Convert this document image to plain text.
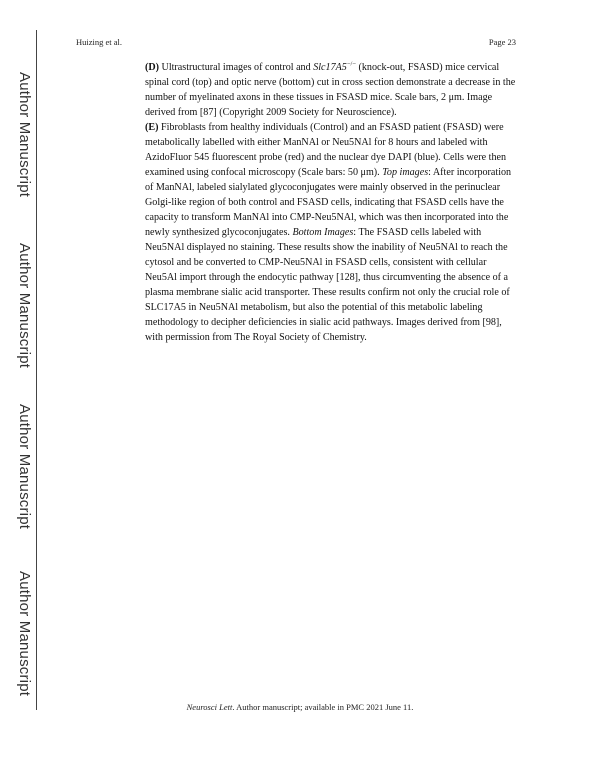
Author Manuscript
Author Manuscript
Author Manuscript
Author Manuscript
Huizing et al.	Page 23

(D) Ultrastructural images of control and Slc17A5−/− (knock-out, FSASD) mice cervical spinal cord (top) and optic nerve (bottom) cut in cross section demonstrate a decrease in the number of myelinated axons in these tissues in FSASD mice. Scale bars, 2 μm. Image derived from [87] (Copyright 2009 Society for Neuroscience).

(E) Fibroblasts from healthy individuals (Control) and an FSASD patient (FSASD) were metabolically labelled with either ManNAl or Neu5NAl for 8 hours and labeled with AzidoFluor 545 fluorescent probe (red) and the nuclear dye DAPI (blue). Cells were then examined using confocal microscopy (Scale bars: 50 μm). Top images: After incorporation of ManNAl, labeled sialylated glycoconjugates were mainly observed in the perinuclear Golgi-like region of both control and FSASD cells, indicating that FSASD cells have the capacity to transform ManNAl into CMP-Neu5NAl, which was then incorporated into the newly synthesized glycoconjugates. Bottom Images: The FSASD cells labeled with Neu5NAl displayed no staining. These results show the inability of Neu5NAl to reach the cytosol and be converted to CMP-Neu5NAl in FSASD cells, consistent with cellular Neu5Al import through the endocytic pathway [128], thus circumventing the absence of a plasma membrane sialic acid transporter. These results confirm not only the crucial role of SLC17A5 in Neu5NAl metabolism, but also the potential of this metabolic labeling methodology to decipher deficiencies in sialic acid pathways. Images derived from [98], with permission from The Royal Society of Chemistry.

Neurosci Lett. Author manuscript; available in PMC 2021 June 11.
